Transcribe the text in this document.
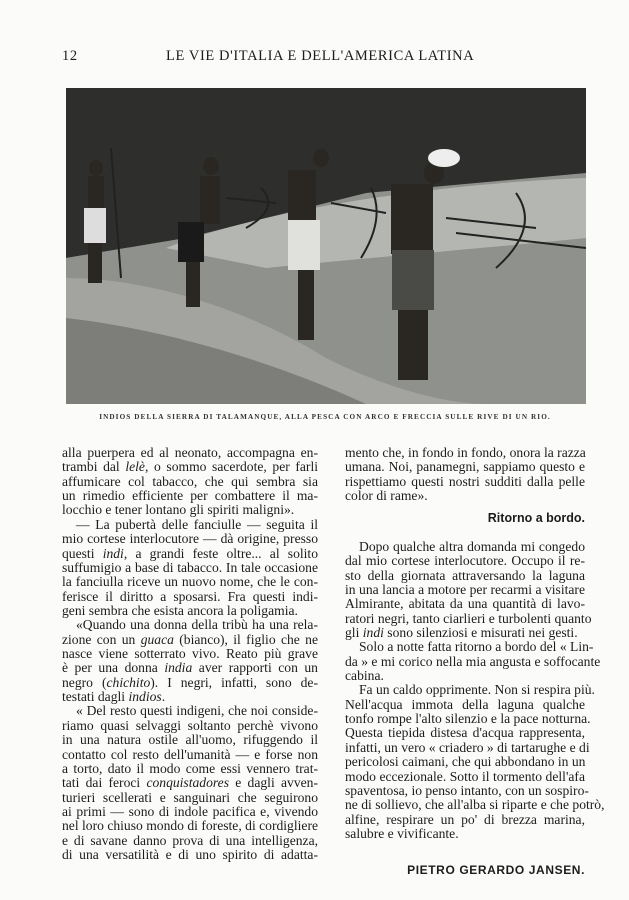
12	LE VIE D'ITALIA E DELL'AMERICA LATINA
INDIOS DELLA SIERRA DI TALAMANQUE, ALLA PESCA CON ARCO E FRECCIA SULLE RIVE DI UN RIO.
alla puerpera ed al neonato, accompagna en-
trambi dal lelè, o sommo sacerdote, per farli
affumicare col tabacco, che qui sembra sia
un rimedio efficiente per combattere il ma-
locchio e tener lontano gli spiriti maligni».
— La pubertà delle fanciulle — seguita il
mio cortese interlocutore — dà origine, presso
questi indi, a grandi feste oltre... al solito
suffumigio a base di tabacco. In tale occasione
la fanciulla riceve un nuovo nome, che le con-
ferisce il diritto a sposarsi. Fra questi indi-
geni sembra che esista ancora la poligamia.
«Quando una donna della tribù ha una rela-
zione con un guaca (bianco), il figlio che ne
nasce viene sotterrato vivo. Reato più grave
è per una donna india aver rapporti con un
negro (chichito). I negri, infatti, sono de-
testati dagli indios.
« Del resto questi indigeni, che noi conside-
riamo quasi selvaggi soltanto perchè vivono
in una natura ostile all'uomo, rifuggendo il
contatto col resto dell'umanità — e forse non
a torto, dato il modo come essi vennero trat-
tati dai feroci conquistadores e dagli avven-
turieri scellerati e sanguinari che seguirono
ai primi — sono di indole pacifica e, vivendo
nel loro chiuso mondo di foreste, di cordigliere
e di savane danno prova di una intelligenza,
di una versatilità e di uno spirito di adatta-
mento che, in fondo in fondo, onora la razza
umana. Noi, panamegni, sappiamo questo e
rispettiamo questi nostri sudditi dalla pelle
color di rame».
Ritorno a bordo.
Dopo qualche altra domanda mi congedo
dal mio cortese interlocutore. Occupo il re-
sto della giornata attraversando la laguna
in una lancia a motore per recarmi a visitare
Almirante, abitata da una quantità di lavo-
ratori negri, tanto ciarlieri e turbolenti quanto
gli indi sono silenziosi e misurati nei gesti.
Solo a notte fatta ritorno a bordo del « Lin-
da » e mi corico nella mia angusta e soffocante
cabina.
Fa un caldo opprimente. Non si respira più.
Nell'acqua immota della laguna qualche
tonfo rompe l'alto silenzio e la pace notturna.
Questa tiepida distesa d'acqua rappresenta,
infatti, un vero « criadero » di tartarughe e di
pericolosi caimani, che qui abbondano in un
modo eccezionale. Sotto il tormento dell'afa
spaventosa, io penso intanto, con un sospiro-
ne di sollievo, che all'alba si riparte e che potrò,
alfine, respirare un po' di brezza marina,
salubre e vivificante.
PIETRO GERARDO JANSEN.
